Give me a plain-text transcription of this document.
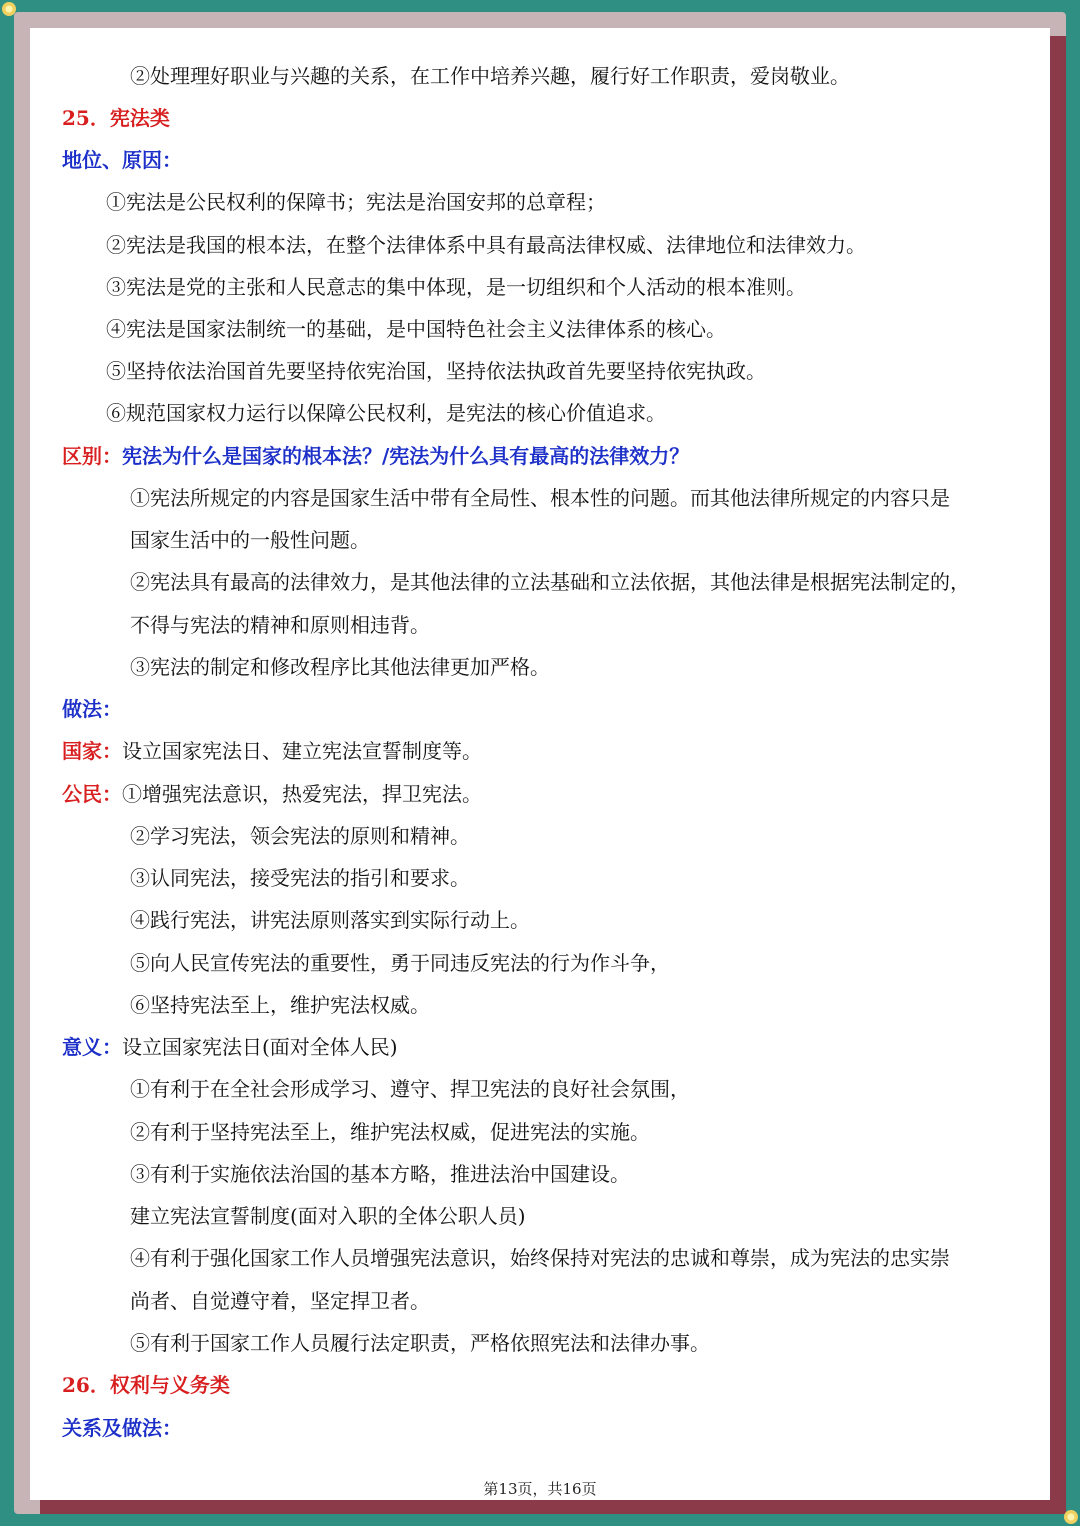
②处理理好职业与兴趣的关系，在工作中培养兴趣，履行好工作职责，爱岗敬业。
25．宪法类
地位、原因：
①宪法是公民权利的保障书；宪法是治国安邦的总章程；
②宪法是我国的根本法，在整个法律体系中具有最高法律权威、法律地位和法律效力。
③宪法是党的主张和人民意志的集中体现，是一切组织和个人活动的根本准则。
④宪法是国家法制统一的基础，是中国特色社会主义法律体系的核心。
⑤坚持依法治国首先要坚持依宪治国，坚持依法执政首先要坚持依宪执政。
⑥规范国家权力运行以保障公民权利，是宪法的核心价值追求。
区别：宪法为什么是国家的根本法？/宪法为什么具有最高的法律效力？
①宪法所规定的内容是国家生活中带有全局性、根本性的问题。而其他法律所规定的内容只是
国家生活中的一般性问题。
②宪法具有最高的法律效力，是其他法律的立法基础和立法依据，其他法律是根据宪法制定的，
不得与宪法的精神和原则相违背。
③宪法的制定和修改程序比其他法律更加严格。
做法：
国家：设立国家宪法日、建立宪法宣誓制度等。
公民：①增强宪法意识，热爱宪法，捍卫宪法。
②学习宪法，领会宪法的原则和精神。
③认同宪法，接受宪法的指引和要求。
④践行宪法，讲宪法原则落实到实际行动上。
⑤向人民宣传宪法的重要性，勇于同违反宪法的行为作斗争，
⑥坚持宪法至上，维护宪法权威。
意义：设立国家宪法日(面对全体人民)
①有利于在全社会形成学习、遵守、捍卫宪法的良好社会氛围，
②有利于坚持宪法至上，维护宪法权威，促进宪法的实施。
③有利于实施依法治国的基本方略，推进法治中国建设。
建立宪法宣誓制度(面对入职的全体公职人员)
④有利于强化国家工作人员增强宪法意识，始终保持对宪法的忠诚和尊崇，成为宪法的忠实崇
尚者、自觉遵守着，坚定捍卫者。
⑤有利于国家工作人员履行法定职责，严格依照宪法和法律办事。
26．权利与义务类
关系及做法：
第13页，共16页
